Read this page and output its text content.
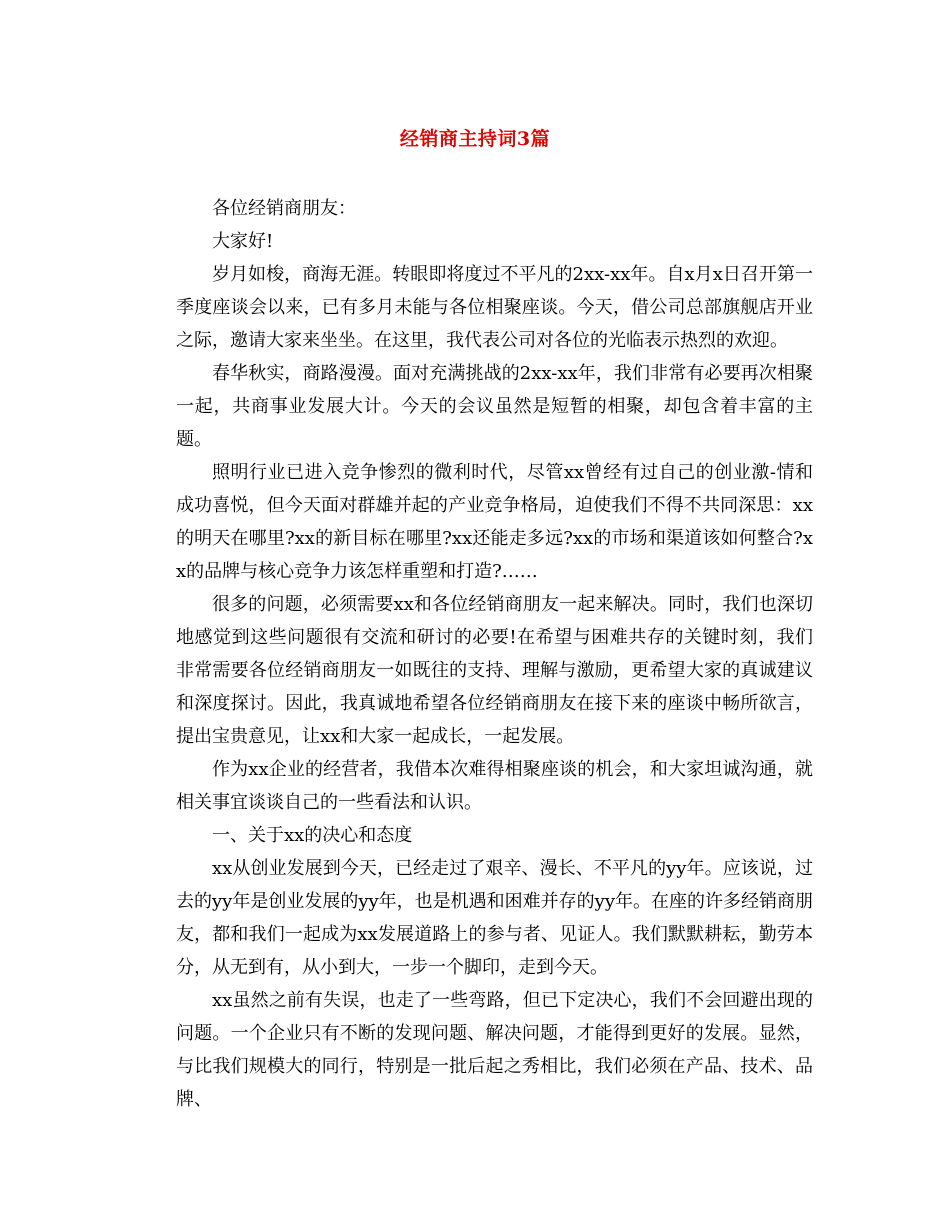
经销商主持词3篇

各位经销商朋友：

大家好!

岁月如梭，商海无涯。转眼即将度过不平凡的2xx-xx年。自x月x日召开第一季度座谈会以来，已有多月未能与各位相聚座谈。今天，借公司总部旗舰店开业之际，邀请大家来坐坐。在这里，我代表公司对各位的光临表示热烈的欢迎。

春华秋实，商路漫漫。面对充满挑战的2xx-xx年，我们非常有必要再次相聚一起，共商事业发展大计。今天的会议虽然是短暂的相聚，却包含着丰富的主题。

照明行业已进入竞争惨烈的微利时代，尽管xx曾经有过自己的创业激-情和成功喜悦，但今天面对群雄并起的产业竞争格局，迫使我们不得不共同深思：xx的明天在哪里?xx的新目标在哪里?xx还能走多远?xx的市场和渠道该如何整合?xx的品牌与核心竞争力该怎样重塑和打造?……

很多的问题，必须需要xx和各位经销商朋友一起来解决。同时，我们也深切地感觉到这些问题很有交流和研讨的必要!在希望与困难共存的关键时刻，我们非常需要各位经销商朋友一如既往的支持、理解与激励，更希望大家的真诚建议和深度探讨。因此，我真诚地希望各位经销商朋友在接下来的座谈中畅所欲言，提出宝贵意见，让xx和大家一起成长，一起发展。

作为xx企业的经营者，我借本次难得相聚座谈的机会，和大家坦诚沟通，就相关事宜谈谈自己的一些看法和认识。

一、关于xx的决心和态度

xx从创业发展到今天，已经走过了艰辛、漫长、不平凡的yy年。应该说，过去的yy年是创业发展的yy年，也是机遇和困难并存的yy年。在座的许多经销商朋友，都和我们一起成为xx发展道路上的参与者、见证人。我们默默耕耘，勤劳本分，从无到有，从小到大，一步一个脚印，走到今天。

xx虽然之前有失误，也走了一些弯路，但已下定决心，我们不会回避出现的问题。一个企业只有不断的发现问题、解决问题，才能得到更好的发展。显然，与比我们规模大的同行，特别是一批后起之秀相比，我们必须在产品、技术、品牌、
